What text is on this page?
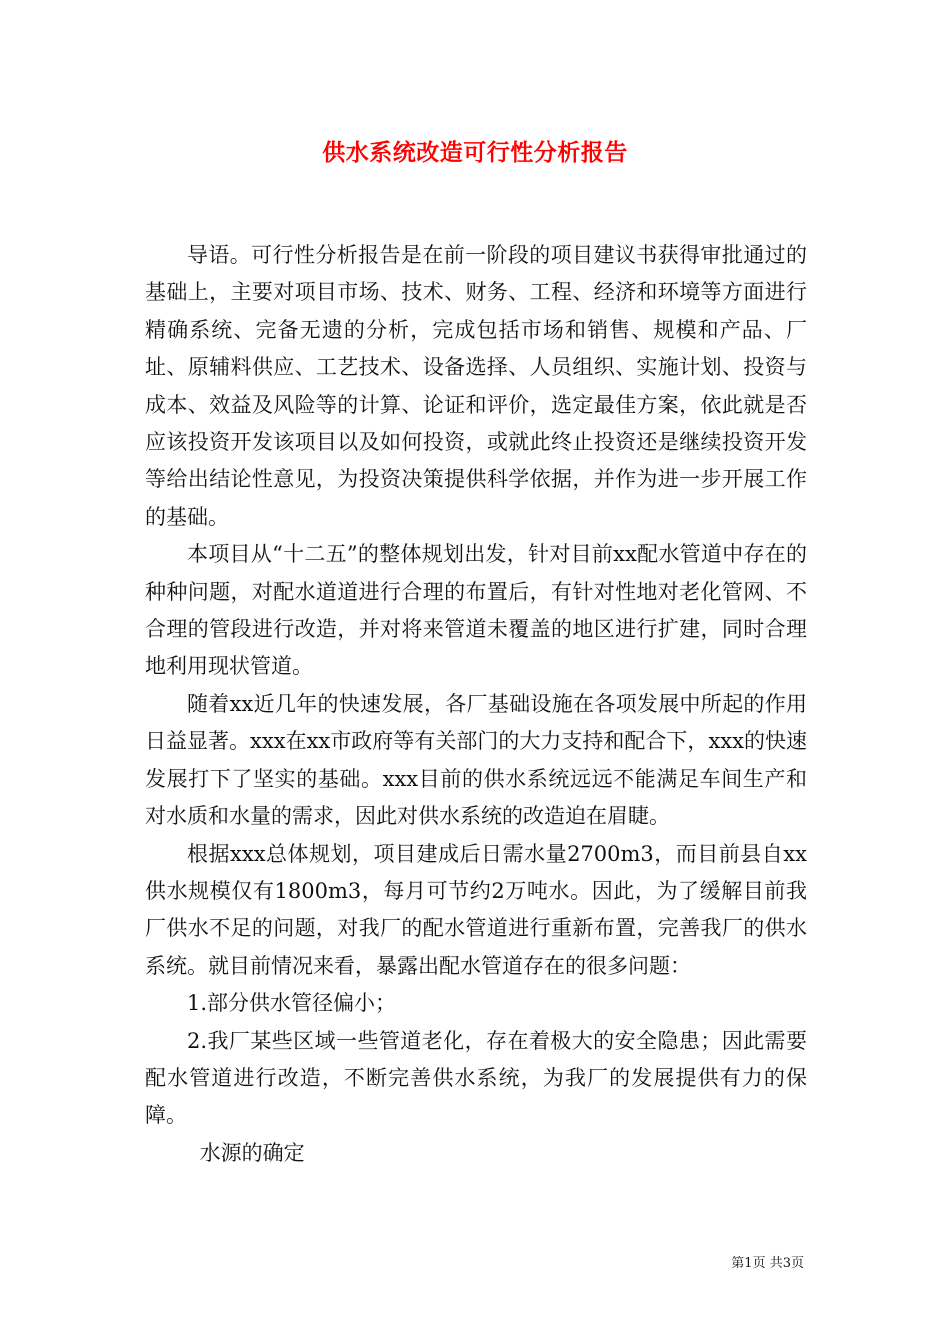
供水系统改造可行性分析报告

导语。可行性分析报告是在前一阶段的项目建议书获得审批通过的基础上，主要对项目市场、技术、财务、工程、经济和环境等方面进行精确系统、完备无遗的分析，完成包括市场和销售、规模和产品、厂址、原辅料供应、工艺技术、设备选择、人员组织、实施计划、投资与成本、效益及风险等的计算、论证和评价，选定最佳方案，依此就是否应该投资开发该项目以及如何投资，或就此终止投资还是继续投资开发等给出结论性意见，为投资决策提供科学依据，并作为进一步开展工作的基础。

本项目从“十二五”的整体规划出发，针对目前xx配水管道中存在的种种问题，对配水道道进行合理的布置后，有针对性地对老化管网、不合理的管段进行改造，并对将来管道未覆盖的地区进行扩建，同时合理地利用现状管道。

随着xx近几年的快速发展，各厂基础设施在各项发展中所起的作用日益显著。xxx在xx市政府等有关部门的大力支持和配合下，xxx的快速发展打下了坚实的基础。xxx目前的供水系统远远不能满足车间生产和对水质和水量的需求，因此对供水系统的改造迫在眉睫。

根据xxx总体规划，项目建成后日需水量2700m3，而目前县自xx供水规模仅有1800m3，每月可节约2万吨水。因此，为了缓解目前我厂供水不足的问题，对我厂的配水管道进行重新布置，完善我厂的供水系统。就目前情况来看，暴露出配水管道存在的很多问题：

1.部分供水管径偏小；

2.我厂某些区域一些管道老化，存在着极大的安全隐患；因此需要配水管道进行改造，不断完善供水系统，为我厂的发展提供有力的保障。

水源的确定

第1页 共3页
